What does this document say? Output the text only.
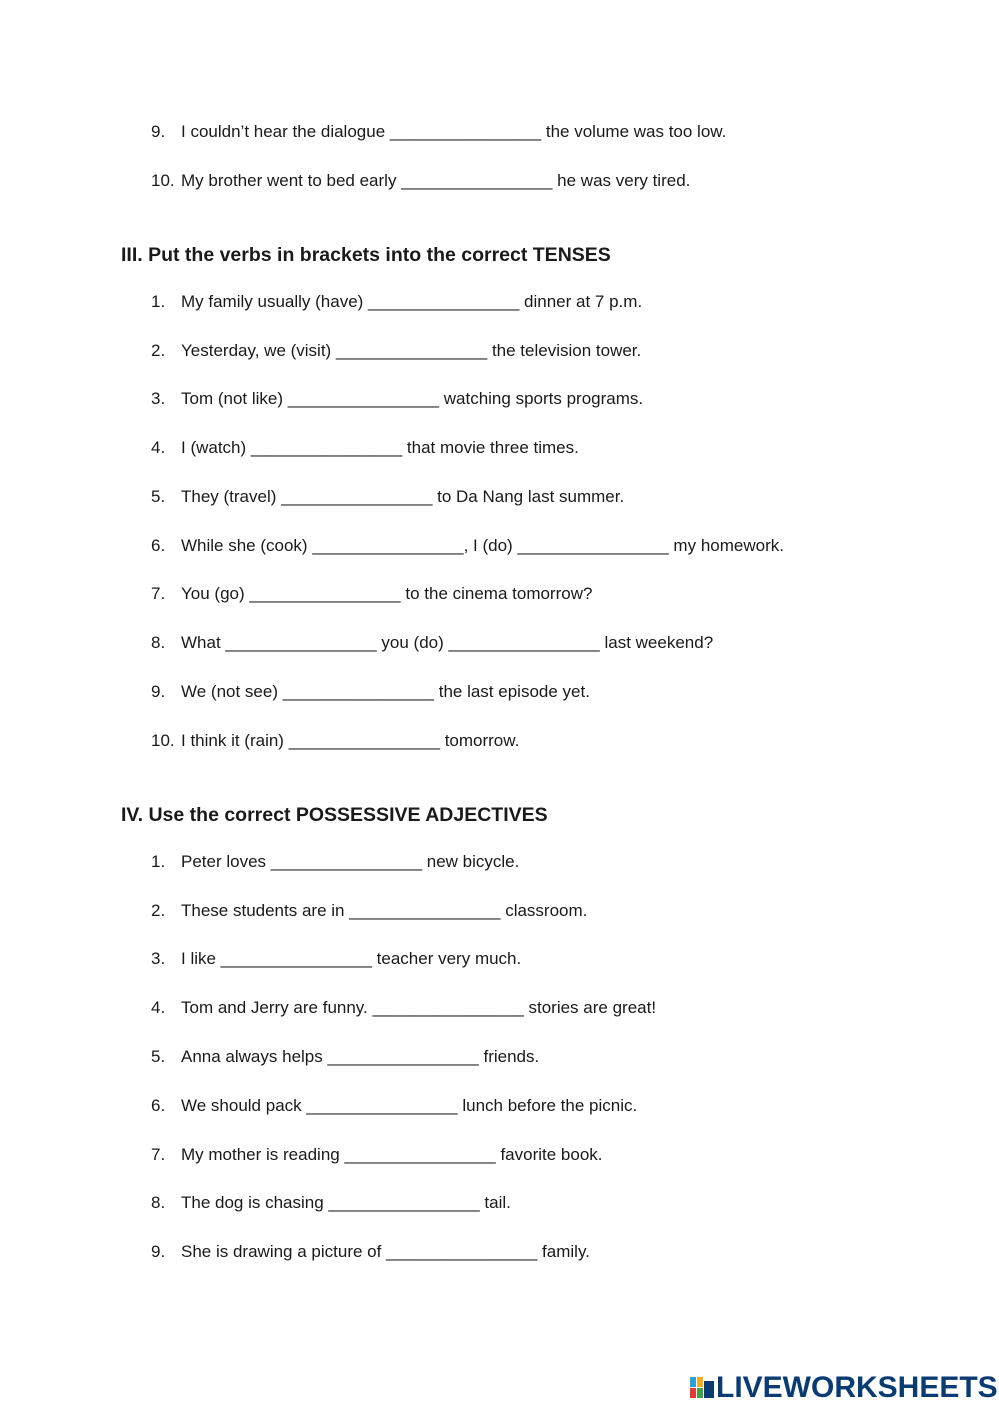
9. I couldn’t hear the dialogue ________________ the volume was too low.
10. My brother went to bed early ________________ he was very tired.
III. Put the verbs in brackets into the correct TENSES
1. My family usually (have) ________________ dinner at 7 p.m.
2. Yesterday, we (visit) ________________ the television tower.
3. Tom (not like) ________________ watching sports programs.
4. I (watch) ________________ that movie three times.
5. They (travel) ________________ to Da Nang last summer.
6. While she (cook) ________________, I (do) ________________ my homework.
7. You (go) ________________ to the cinema tomorrow?
8. What ________________ you (do) ________________ last weekend?
9. We (not see) ________________ the last episode yet.
10. I think it (rain) ________________ tomorrow.
IV. Use the correct POSSESSIVE ADJECTIVES
1. Peter loves ________________ new bicycle.
2. These students are in ________________ classroom.
3. I like ________________ teacher very much.
4. Tom and Jerry are funny. ________________ stories are great!
5. Anna always helps ________________ friends.
6. We should pack ________________ lunch before the picnic.
7. My mother is reading ________________ favorite book.
8. The dog is chasing ________________ tail.
9. She is drawing a picture of ________________ family.
LIVEWORKSHEETS
